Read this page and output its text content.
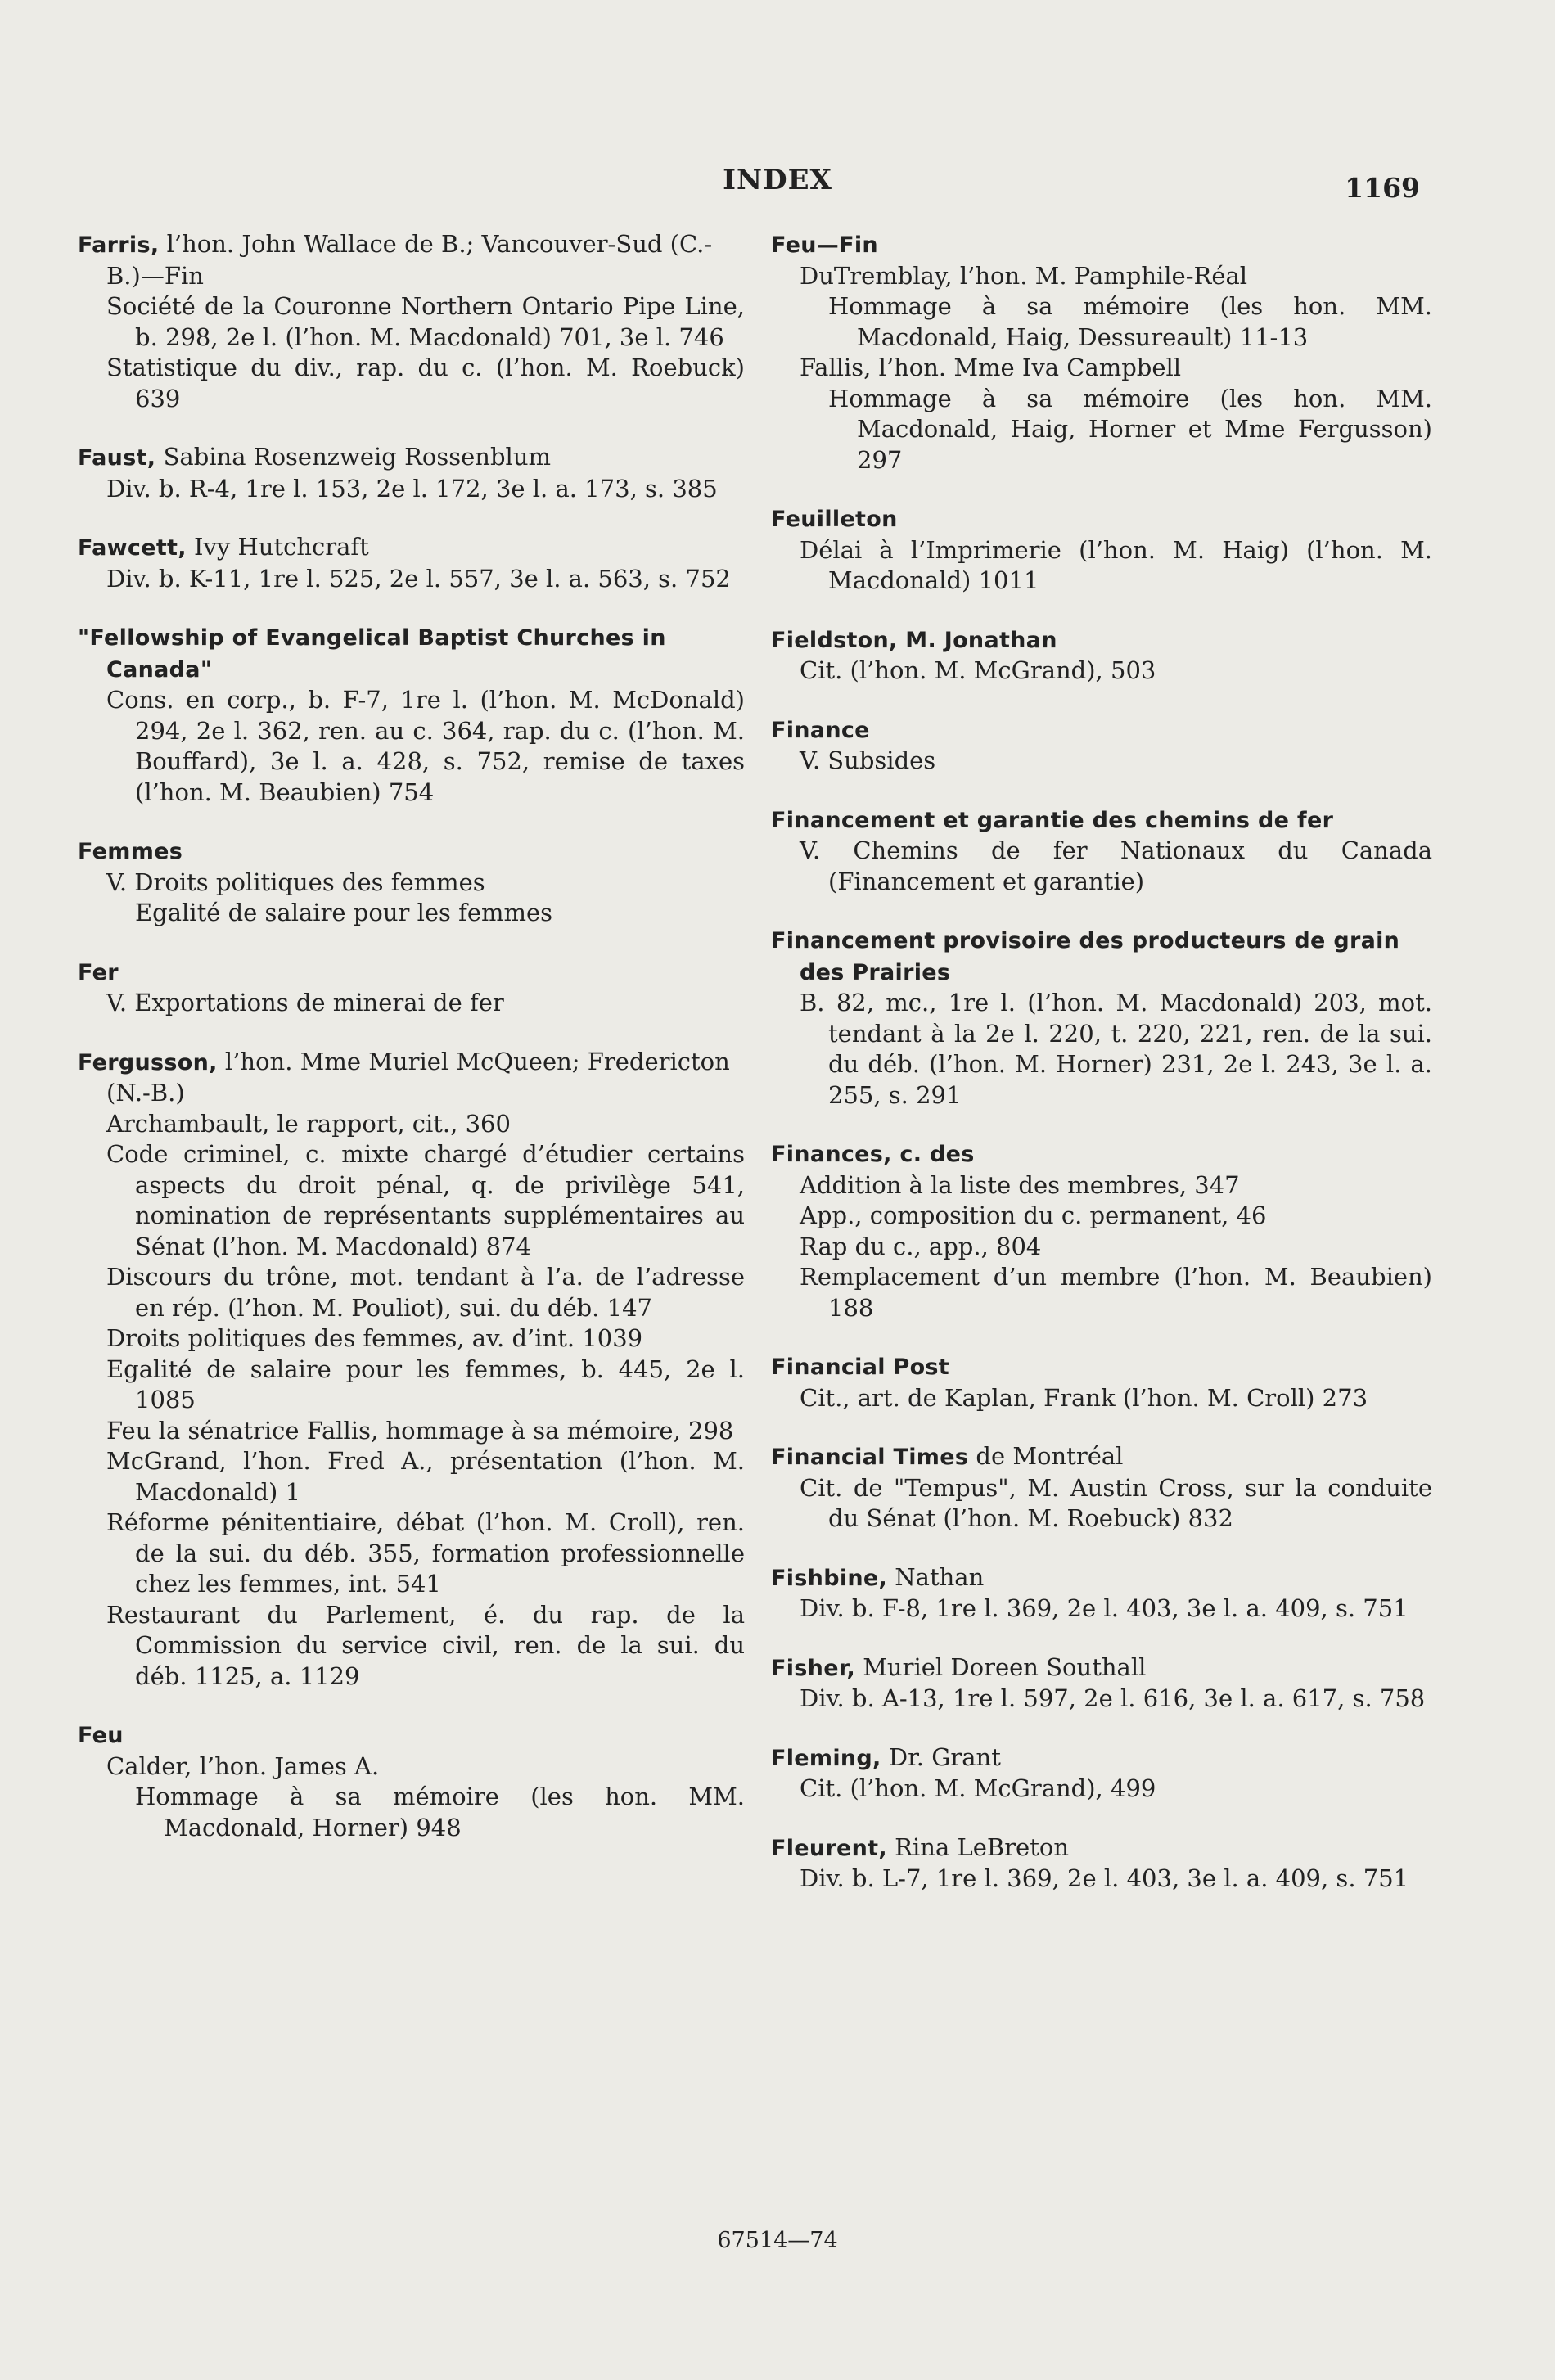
INDEX	1169
Farris, l’hon. John Wallace de B.; Vancouver-Sud (C.-B.)—Fin
Société de la Couronne Northern Ontario Pipe Line, b. 298, 2e l. (l’hon. M. Macdonald) 701, 3e l. 746
Statistique du div., rap. du c. (l’hon. M. Roebuck) 639
Faust, Sabina Rosenzweig Rossenblum
Div. b. R-4, 1re l. 153, 2e l. 172, 3e l. a. 173, s. 385
Fawcett, Ivy Hutchcraft
Div. b. K-11, 1re l. 525, 2e l. 557, 3e l. a. 563, s. 752
"Fellowship of Evangelical Baptist Churches in Canada"
Cons. en corp., b. F-7, 1re l. (l’hon. M. McDonald) 294, 2e l. 362, ren. au c. 364, rap. du c. (l’hon. M. Bouffard), 3e l. a. 428, s. 752, remise de taxes (l’hon. M. Beaubien) 754
Femmes
V. Droits politiques des femmes
Egalité de salaire pour les femmes
Fer
V. Exportations de minerai de fer
Fergusson, l’hon. Mme Muriel McQueen; Fredericton (N.-B.)
Archambault, le rapport, cit., 360
Code criminel, c. mixte chargé d’étudier certains aspects du droit pénal, q. de privilège 541, nomination de représentants supplémentaires au Sénat (l’hon. M. Macdonald) 874
Discours du trône, mot. tendant à l’a. de l’adresse en rép. (l’hon. M. Pouliot), sui. du déb. 147
Droits politiques des femmes, av. d’int. 1039
Egalité de salaire pour les femmes, b. 445, 2e l. 1085
Feu la sénatrice Fallis, hommage à sa mémoire, 298
McGrand, l’hon. Fred A., présentation (l’hon. M. Macdonald) 1
Réforme pénitentiaire, débat (l’hon. M. Croll), ren. de la sui. du déb. 355, formation professionnelle chez les femmes, int. 541
Restaurant du Parlement, é. du rap. de la Commission du service civil, ren. de la sui. du déb. 1125, a. 1129
Feu
Calder, l’hon. James A.
Hommage à sa mémoire (les hon. MM. Macdonald, Horner) 948
Feu—Fin
DuTremblay, l’hon. M. Pamphile-Réal
Hommage à sa mémoire (les hon. MM. Macdonald, Haig, Dessureault) 11-13
Fallis, l’hon. Mme Iva Campbell
Hommage à sa mémoire (les hon. MM. Macdonald, Haig, Horner et Mme Fergusson) 297
Feuilleton
Délai à l’Imprimerie (l’hon. M. Haig) (l’hon. M. Macdonald) 1011
Fieldston, M. Jonathan
Cit. (l’hon. M. McGrand), 503
Finance
V. Subsides
Financement et garantie des chemins de fer
V. Chemins de fer Nationaux du Canada (Financement et garantie)
Financement provisoire des producteurs de grain des Prairies
B. 82, mc., 1re l. (l’hon. M. Macdonald) 203, mot. tendant à la 2e l. 220, t. 220, 221, ren. de la sui. du déb. (l’hon. M. Horner) 231, 2e l. 243, 3e l. a. 255, s. 291
Finances, c. des
Addition à la liste des membres, 347
App., composition du c. permanent, 46
Rap du c., app., 804
Remplacement d’un membre (l’hon. M. Beaubien) 188
Financial Post
Cit., art. de Kaplan, Frank (l’hon. M. Croll) 273
Financial Times de Montréal
Cit. de "Tempus", M. Austin Cross, sur la conduite du Sénat (l’hon. M. Roebuck) 832
Fishbine, Nathan
Div. b. F-8, 1re l. 369, 2e l. 403, 3e l. a. 409, s. 751
Fisher, Muriel Doreen Southall
Div. b. A-13, 1re l. 597, 2e l. 616, 3e l. a. 617, s. 758
Fleming, Dr. Grant
Cit. (l’hon. M. McGrand), 499
Fleurent, Rina LeBreton
Div. b. L-7, 1re l. 369, 2e l. 403, 3e l. a. 409, s. 751
67514—74
